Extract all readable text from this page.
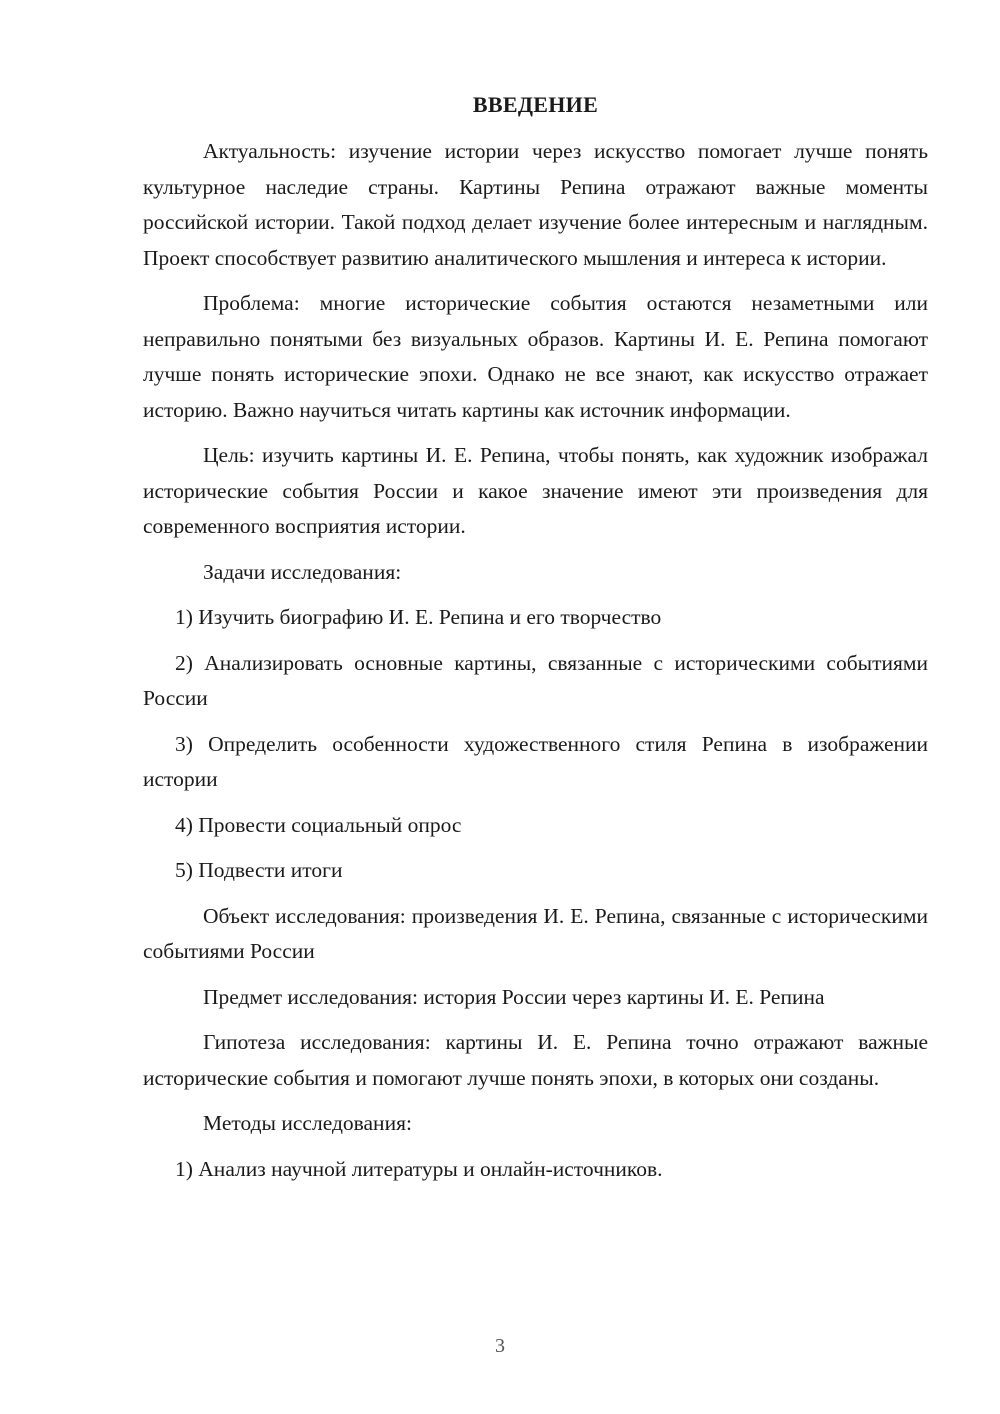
ВВЕДЕНИЕ

Актуальность: изучение истории через искусство помогает лучше понять культурное наследие страны. Картины Репина отражают важные моменты российской истории. Такой подход делает изучение более интересным и наглядным. Проект способствует развитию аналитического мышления и интереса к истории.

Проблема: многие исторические события остаются незаметными или неправильно понятыми без визуальных образов. Картины И. Е. Репина помогают лучше понять исторические эпохи. Однако не все знают, как искусство отражает историю. Важно научиться читать картины как источник информации.

Цель: изучить картины И. Е. Репина, чтобы понять, как художник изображал исторические события России и какое значение имеют эти произведения для современного восприятия истории.

Задачи исследования:

1) Изучить биографию И. Е. Репина и его творчество

2) Анализировать основные картины, связанные с историческими событиями России

3) Определить особенности художественного стиля Репина в изображении истории

4) Провести социальный опрос

5) Подвести итоги

Объект исследования: произведения И. Е. Репина, связанные с историческими событиями России

Предмет исследования: история России через картины И. Е. Репина

Гипотеза исследования: картины И. Е. Репина точно отражают важные исторические события и помогают лучше понять эпохи, в которых они созданы.

Методы исследования:

1) Анализ научной литературы и онлайн-источников.

3
